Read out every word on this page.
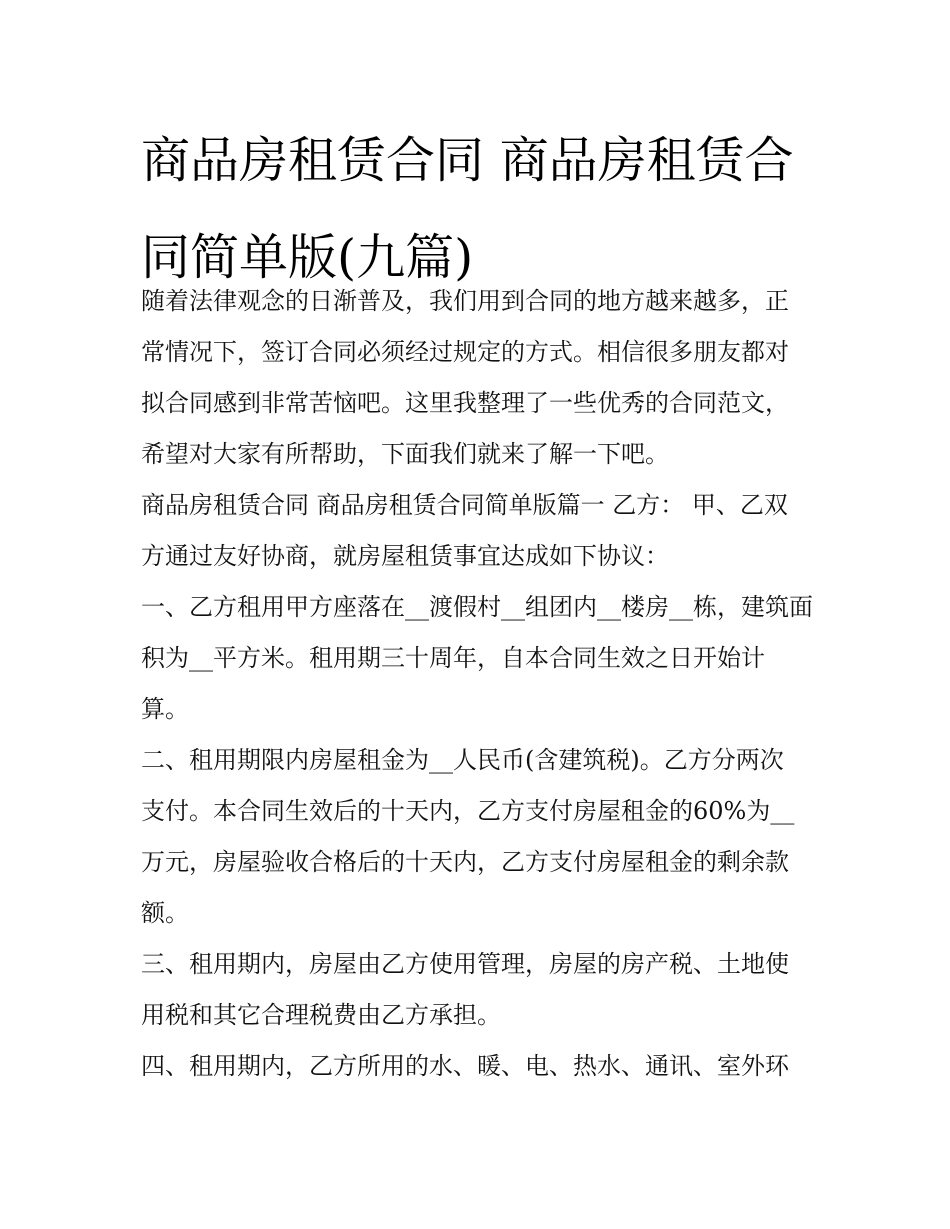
商品房租赁合同 商品房租赁合
同简单版(九篇)
随着法律观念的日渐普及，我们用到合同的地方越来越多，正
常情况下，签订合同必须经过规定的方式。相信很多朋友都对
拟合同感到非常苦恼吧。这里我整理了一些优秀的合同范文，
希望对大家有所帮助，下面我们就来了解一下吧。
商品房租赁合同 商品房租赁合同简单版篇一 乙方： 甲、乙双
方通过友好协商，就房屋租赁事宜达成如下协议：
一、乙方租用甲方座落在__渡假村__组团内__楼房__栋，建筑面
积为__平方米。租用期三十周年，自本合同生效之日开始计
算。
二、租用期限内房屋租金为__人民币(含建筑税)。乙方分两次
支付。本合同生效后的十天内，乙方支付房屋租金的60%为__
万元，房屋验收合格后的十天内，乙方支付房屋租金的剩余款
额。
三、租用期内，房屋由乙方使用管理，房屋的房产税、土地使
用税和其它合理税费由乙方承担。
四、租用期内，乙方所用的水、暖、电、热水、通讯、室外环
